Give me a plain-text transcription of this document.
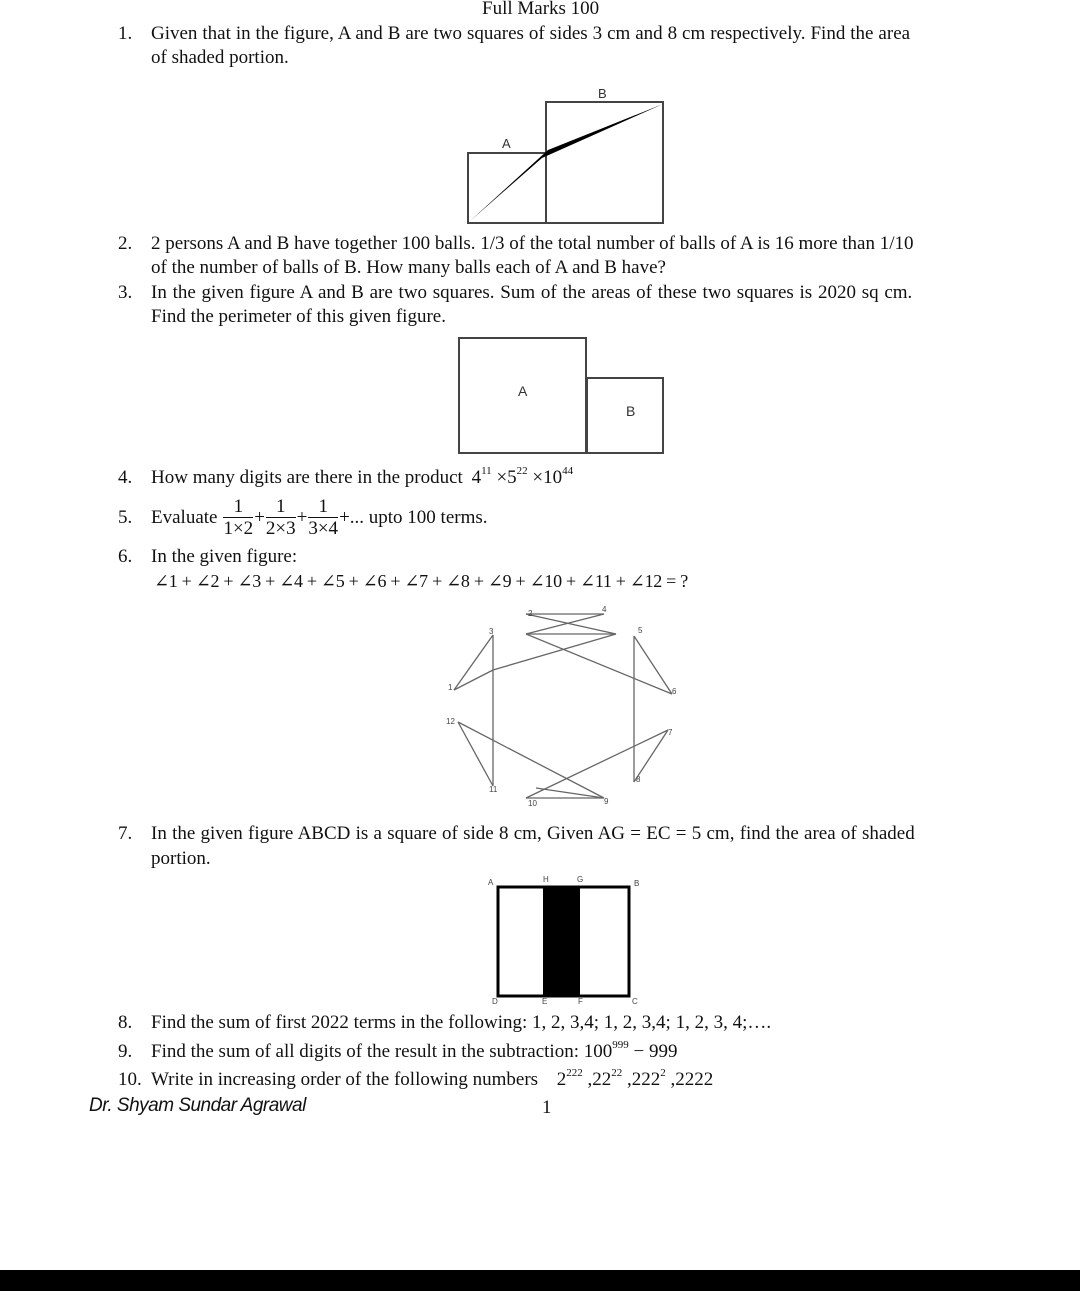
Full Marks 100
1. Given that in the figure, A and B are two squares of sides 3 cm and 8 cm respectively. Find the area
of shaded portion.
A
B
2. 2 persons A and B have together 100 balls. 1/3 of the total number of balls of A is 16 more than 1/10
of the number of balls of B. How many balls each of A and B have?
3. In the given figure A and B are two squares. Sum of the areas of these two squares is 2020 sq cm.
Find the perimeter of this given figure.
A
B
4. How many digits are there in the product $4^{11} \times 5^{22} \times 10^{44}$
5. Evaluate $\frac{1}{1\times 2} + \frac{1}{2\times 3} + \frac{1}{3\times 4}$ +... upto 100 terms.
6. In the given figure:
∠1 + ∠2 + ∠3 + ∠4 + ∠5 + ∠6 + ∠7 + ∠8 + ∠9 + ∠10 + ∠11 + ∠12 = ?
1
2
3
4
5
6
7
8
9
10
11
12
7. In the given figure ABCD is a square of side 8 cm, Given AG = EC = 5 cm, find the area of shaded
portion.
A	H	G	B
D	E	F	C
8. Find the sum of first 2022 terms in the following: 1, 2, 3,4; 1, 2, 3,4; 1, 2, 3, 4;….
9. Find the sum of all digits of the result in the subtraction: $100^{999} - 999$
10. Write in increasing order of the following numbers $2^{222}$ $,22^{22}$ ,222$^2$ ,2222
Dr. Shyam Sundar Agrawal	1
